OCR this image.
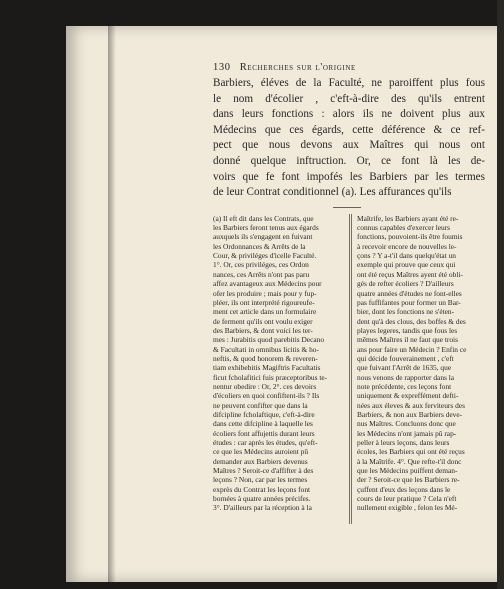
130 Recherches sur l'origine
Barbiers, éléves de la Faculté, ne paroiffent plus fous
le nom d'écolier , c'eft-à-dire des qu'ils entrent
dans leurs fonctions : alors ils ne doivent plus aux
Médecins que ces égards, cette déférence & ce ref-
pect que nous devons aux Maîtres qui nous ont
donné quelque inftruction. Or, ce font là les de-
voirs que fe font impofés les Barbiers par les termes
de leur Contrat conditionnel (a). Les affurances qu'ils
(a) Il eft dit dans les Contrats, que
les Barbiers feront tenus aux égards
auxquels ils s'engagent en fuivant
les Ordonnances & Arrêts de la
Cour, & priviléges d'icelle Faculté.
1°. Or, ces priviléges, ces Ordon
nances, ces Arrêts n'ont pas paru
affez avantageux aux Médecins pour
ofer les produire ; mais pour y fup-
pléer, ils ont interprété rigoureufe-
ment cet article dans un formulaire
de ferment qu'ils ont voulu exiger
des Barbiers, & dont voici les ter-
mes : Jurabitis quod parebitis Decano
& Facultati in omnibus licitis & ho-
neftis, & quod honorem & reveren-
tiam exhibebitis Magiftris Facultatis
ficut fcholafitici fuis præceptoribus te-
nentur obedire : Or, 2°. ces devoirs
d'écoliers en quoi confiftent-ils ? Ils
ne peuvent confifter que dans la
difcipline fcholaftique, c'eft-à-dire
dans cette difcipline à laquelle les
écoliers font affujettis durant leurs
études : car après les études, qu'eft-
ce que les Médecins auroient pû
demander aux Barbiers devenus
Maîtres ? Seroit-ce d'affifter à des
leçons ? Non, car par les termes
exprès du Contrat les leçons font
bornées à quatre années précifes.
3°. D'ailleurs par la réception à la
Maîtrife, les Barbiers ayant été re-
connus capables d'exercer leurs
fonctions, pouvoient-ils être foumis
à recevoir encore de nouvelles le-
çons ? Y a-t'il dans quelqu'état un
exemple qui prouve que ceux qui
ont été reçus Maîtres ayent été obli-
gés de refter écoliers ? D'ailleurs
quatre années d'études ne font-elles
pas fuffifantes pour former un Bar-
bier, dont les fonctions ne s'éten-
dent qu'à des clous, des boffes & des
playes legeres, tandis que fous les
mêmes Maîtres il ne faut que trois
ans pour faire un Médecin ? Enfin ce
qui décide fouverainement , c'eft
que fuivant l'Arrêt de 1635, que
nous venons de rapporter dans la
note précédente, ces leçons font
uniquement & expreffément defti-
nées aux éleves & aux ferviteurs des
Barbiers, & non aux Barbiers deve-
nus Maîtres. Concluons donc que
les Médecins n'ont jamais pû rap-
peller à leurs leçons, dans leurs
écoles, les Barbiers qui ont été reçus
à la Maîtrife. 4°. Que refte-t'il donc
que les Médecins puiffent deman-
der ? Seroit-ce que les Barbiers re-
çuffent d'eux des leçons dans le
cours de leur pratique ? Cela n'eft
nullement exigible , felon les Mé-
